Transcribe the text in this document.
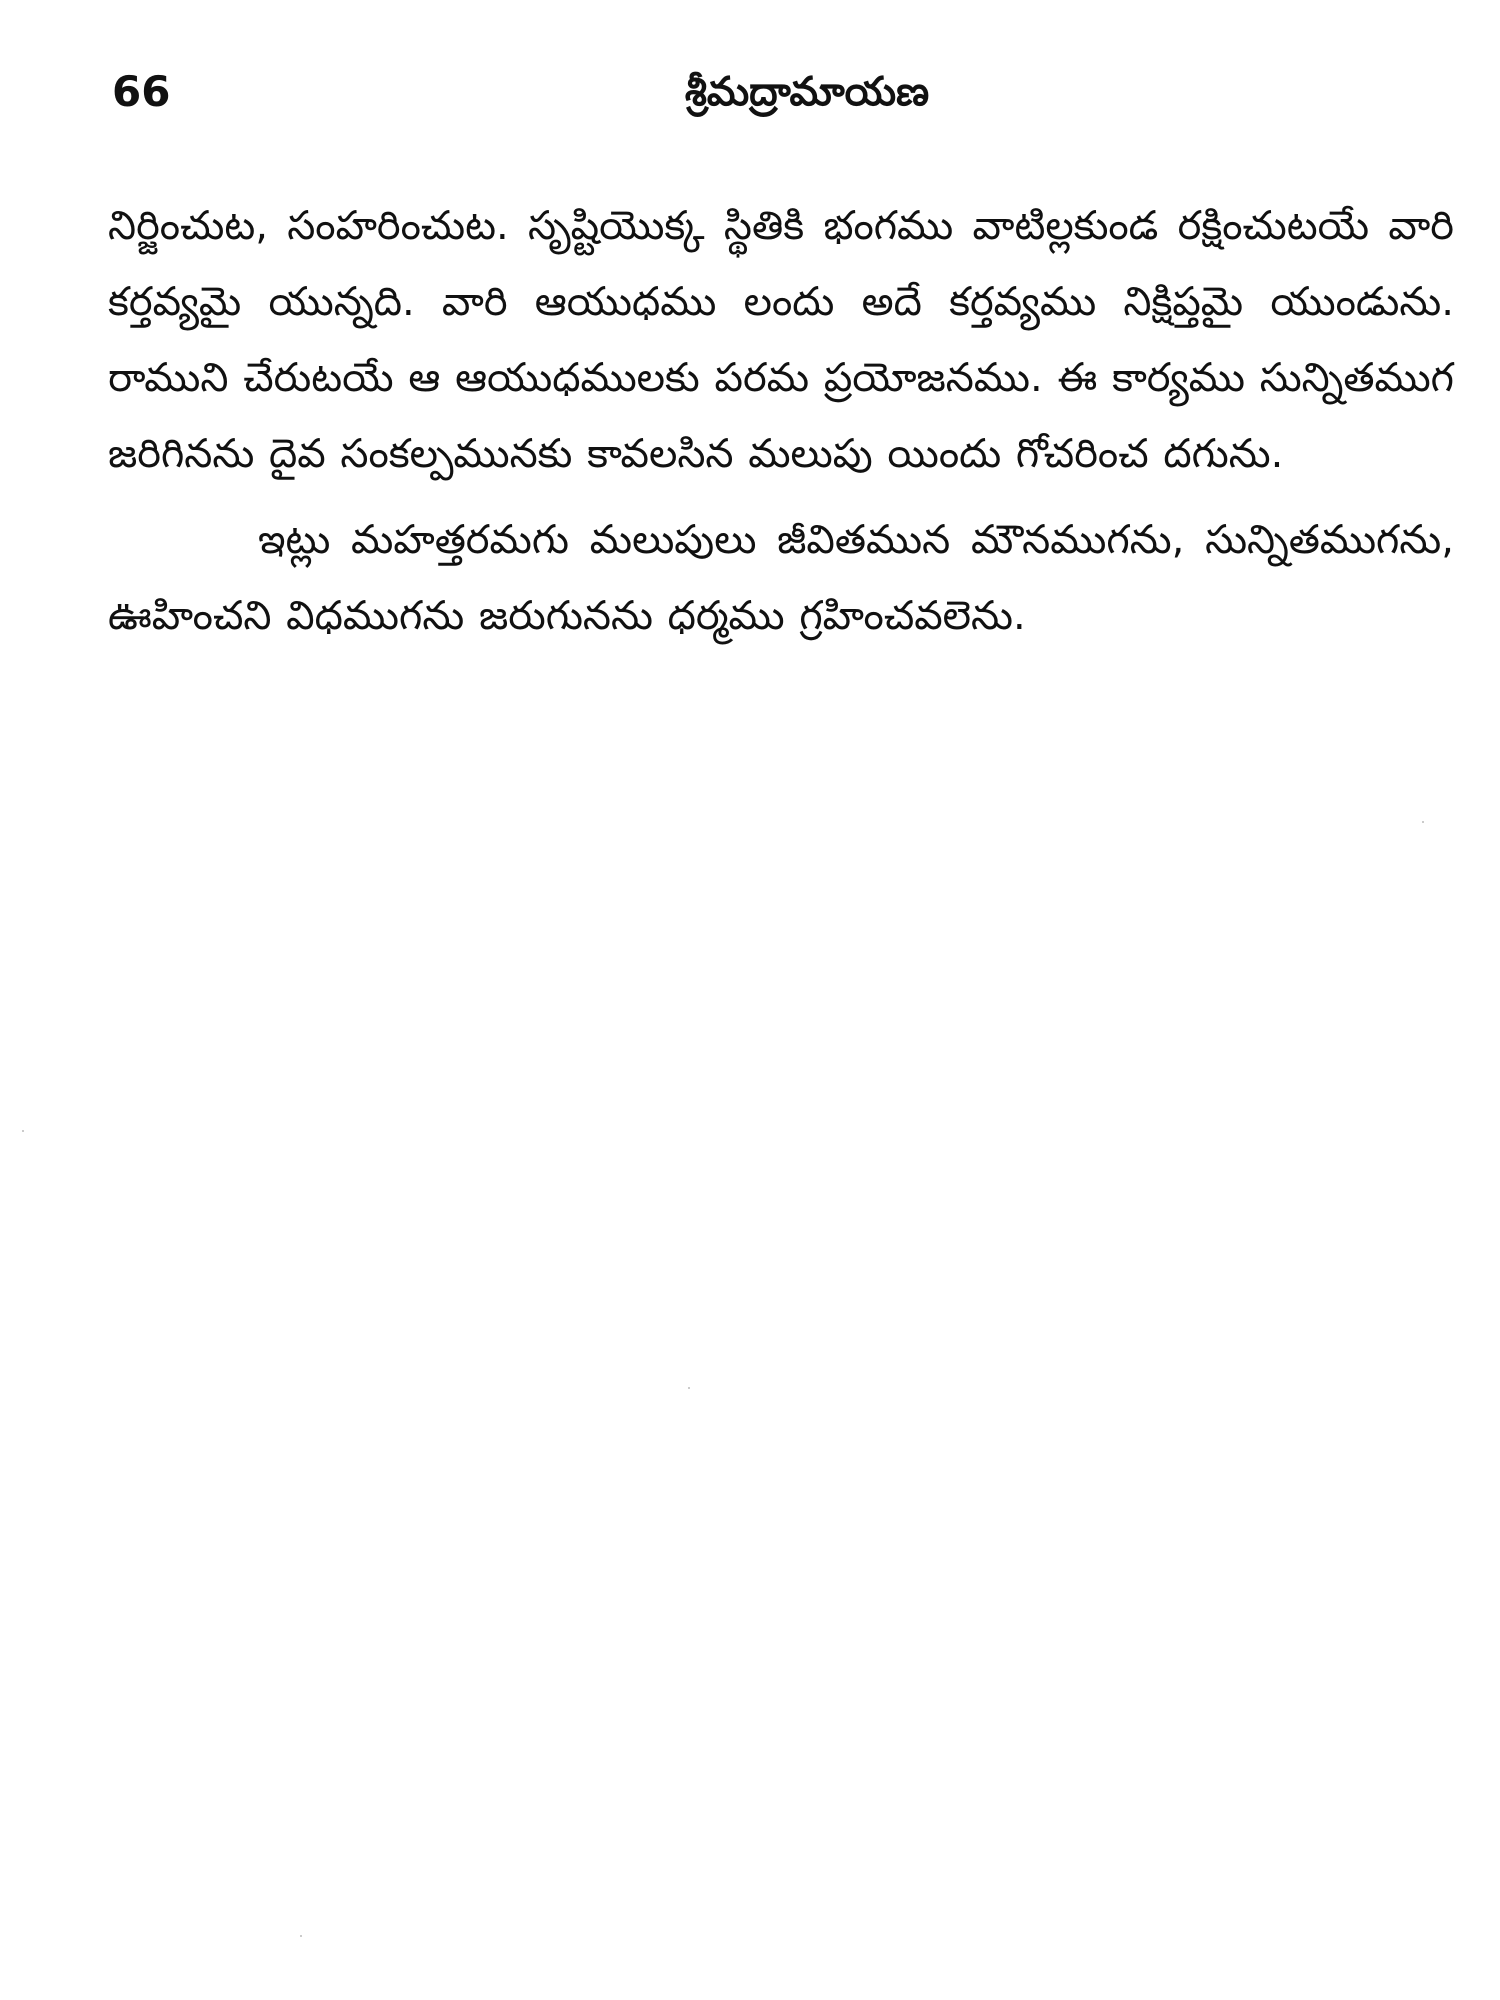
66	శ్రీమద్రామాయణ

నిర్జించుట, సంహరించుట. సృష్టియొక్క స్థితికి భంగము వాటిల్లకుండ రక్షించుటయే వారి కర్తవ్యమై యున్నది. వారి ఆయుధము లందు అదే కర్తవ్యము నిక్షిప్తమై యుండును. రాముని చేరుటయే ఆ ఆయుధములకు పరమ ప్రయోజనము. ఈ కార్యము సున్నితముగ జరిగినను దైవ సంకల్పమునకు కావలసిన మలుపు యిందు గోచరించ దగును.

ఇట్లు మహత్తరమగు మలుపులు జీవితమున మౌనముగను, సున్నితముగను, ఊహించని విధముగను జరుగునను ధర్మము గ్రహించవలెను.
